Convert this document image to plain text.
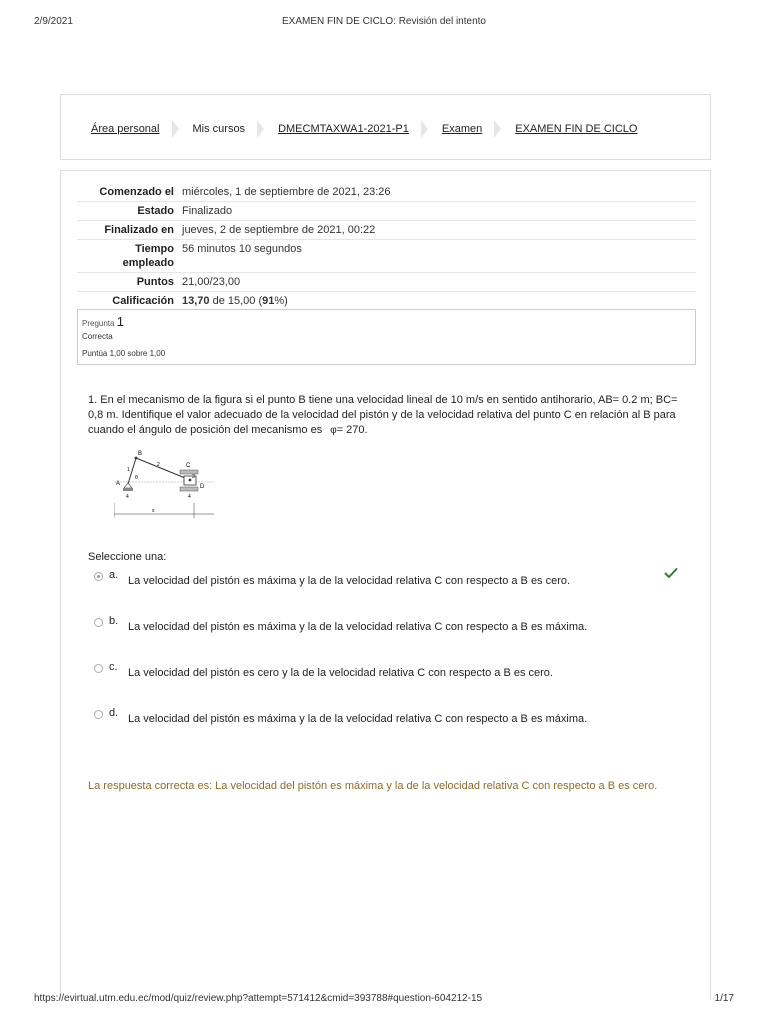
2/9/2021	EXAMEN FIN DE CICLO: Revisión del intento
Área personal	Mis cursos	DMECMTAXWA1-2021-P1	Examen	EXAMEN FIN DE CICLO
Comenzado el	miércoles, 1 de septiembre de 2021, 23:26
Estado	Finalizado
Finalizado en	jueves, 2 de septiembre de 2021, 00:22
Tiempo empleado	56 minutos 10 segundos
Puntos	21,00/23,00
Calificación	13,70 de 15,00 (91%)
Pregunta 1
Correcta
Puntúa 1,00 sobre 1,00
1. En el mecanismo de la figura si el punto B tiene una velocidad lineal de 10 m/s en sentido antihorario, AB= 0.2 m; BC= 0,8 m. Identifique el valor adecuado de la velocidad del pistón y de la velocidad relativa del punto C en relación al B para cuando el ángulo de posición del mecanismo es φ= 270.
A
B
C
D
1
2
3
4	4
θ
x
Seleccione una:
a. La velocidad del pistón es máxima y la de la velocidad relativa C con respecto a B es cero.
b. La velocidad del pistón es máxima y la de la velocidad relativa C con respecto a B es máxima.
c. La velocidad del pistón es cero y la de la velocidad relativa C con respecto a B es cero.
d. La velocidad del pistón es máxima y la de la velocidad relativa C con respecto a B es máxima.
La respuesta correcta es: La velocidad del pistón es máxima y la de la velocidad relativa C con respecto a B es cero.
https://evirtual.utm.edu.ec/mod/quiz/review.php?attempt=571412&cmid=393788#question-604212-15	1/17
